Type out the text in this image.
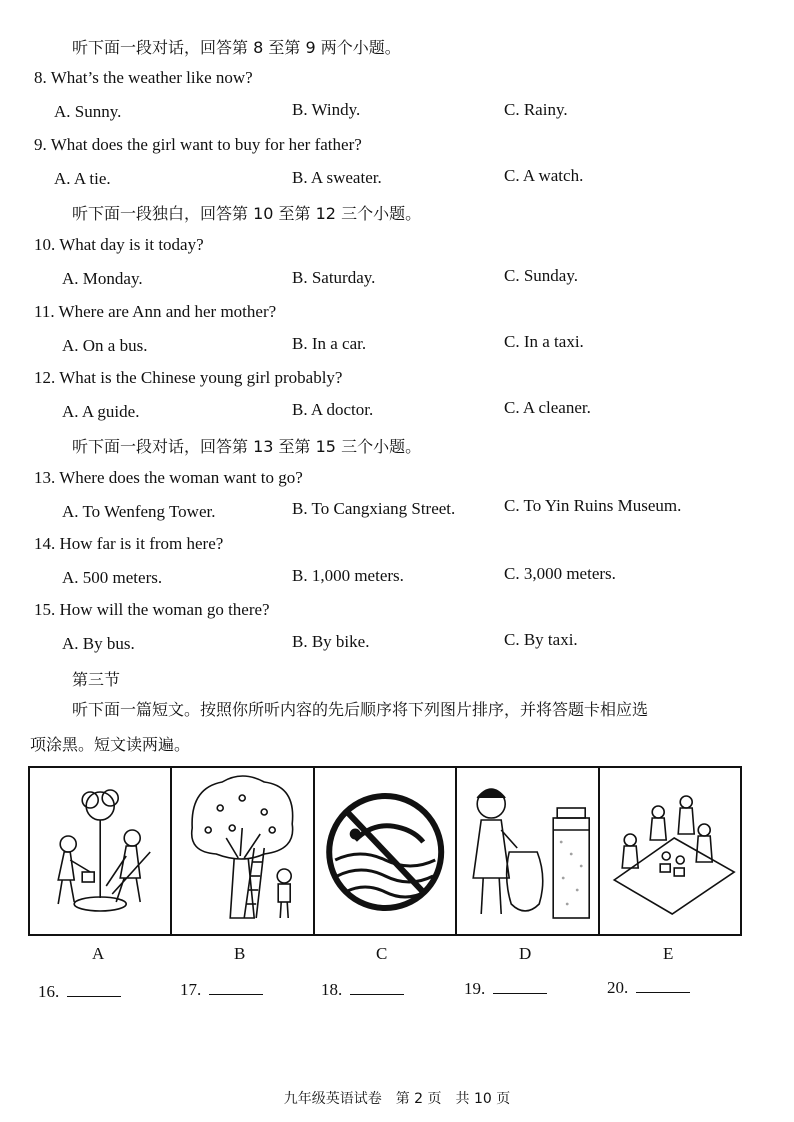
听下面一段对话，回答第 8 至第 9 两个小题。
8. What’s the weather like now?
A. Sunny.	B. Windy.	C. Rainy.
9. What does the girl want to buy for her father?
A. A tie.	B. A sweater.	C. A watch.
听下面一段独白，回答第 10 至第 12 三个小题。
10. What day is it today?
A. Monday.	B. Saturday.	C. Sunday.
11. Where are Ann and her mother?
A. On a bus.	B. In a car.	C. In a taxi.
12. What is the Chinese young girl probably?
A. A guide.	B. A doctor.	C. A cleaner.
听下面一段对话，回答第 13 至第 15 三个小题。
13. Where does the woman want to go?
A. To Wenfeng Tower.	B. To Cangxiang Street.	C. To Yin Ruins Museum.
14. How far is it from here?
A. 500 meters.	B. 1,000 meters.	C. 3,000 meters.
15. How will the woman go there?
A. By bus.	B. By bike.	C. By taxi.
第三节
听下面一篇短文。按照你所听内容的先后顺序将下列图片排序，并将答题卡相应选
项涂黑。短文读两遍。
A	B	C	D	E
16.	17.	18.	19.	20.
九年级英语试卷　第 2 页　共 10 页
